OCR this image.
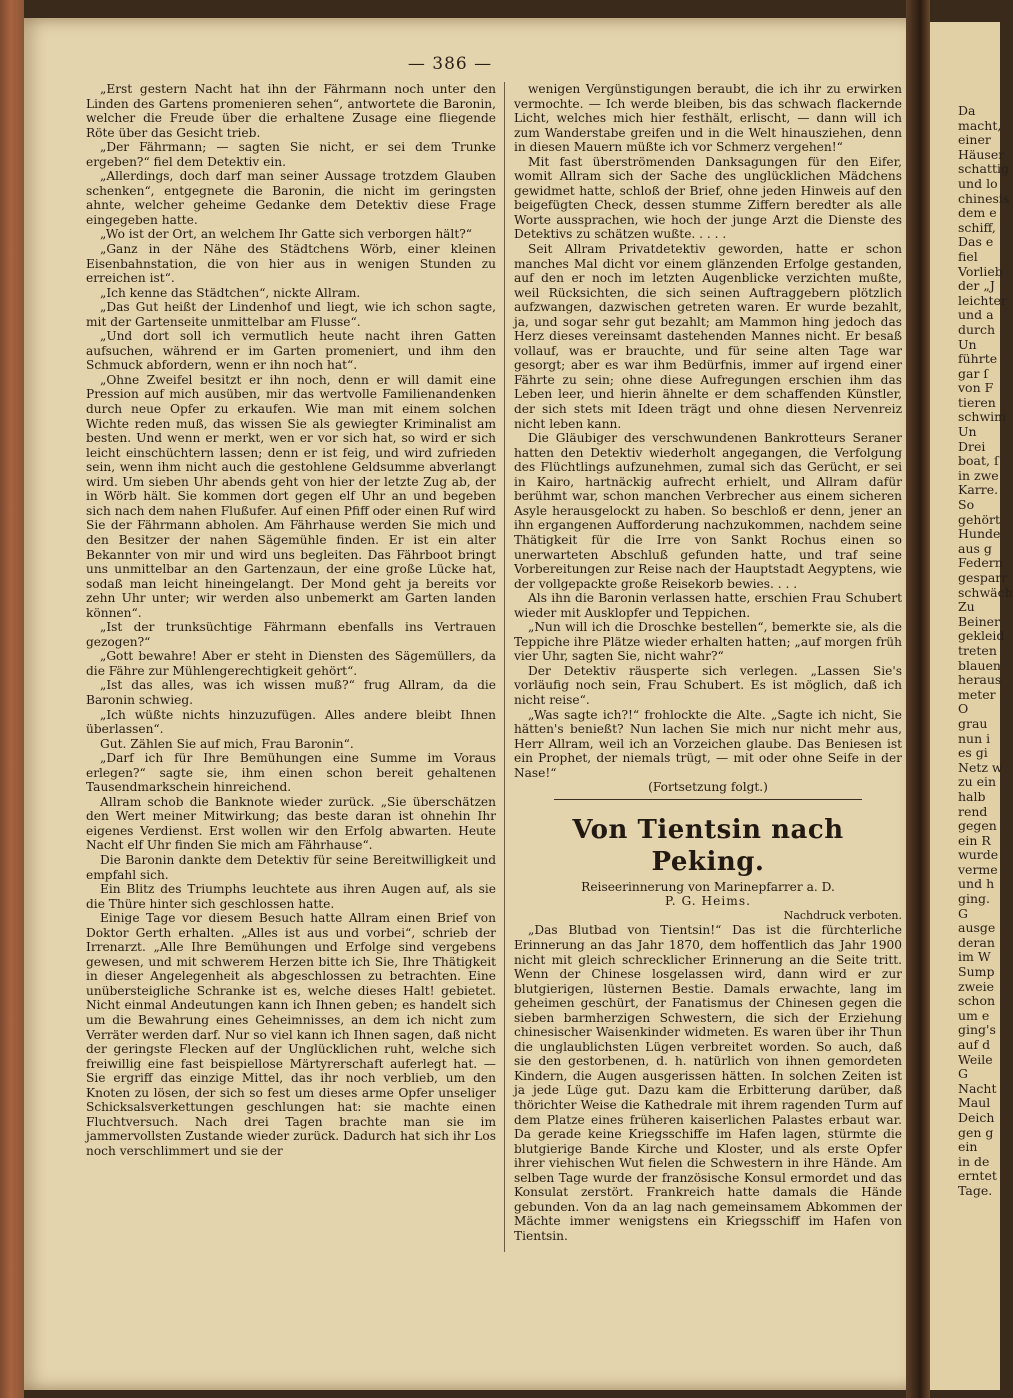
Da
macht,
einer
Häuser
schattig
und lo
chinesis
dem e
schiff,
Das e
fiel
Vorlieb
der „J
leichter
und a
durch
Un
führte
gar ſ
von F
tieren
schwim
Un
Drei
boat, ſ
in zwe
Karre.
So
gehört
Hunde
aus g
Federn
gesparr
schwäch
Zu
Beiner
gekleid
treten
blauen
heraus
meter
O
grau
nun i
es gi
Netz w
zu ein
halb
rend
gegen
ein R
wurde
verme
und h
ging.
G
ausge
deran
im W
Sump
zweie
schon
um e
ging's
auf d
Weile
G
Nacht
Maul
Deich
gen g
ein
in de
erntet
Tage.
— 386 —

„Erst gestern Nacht hat ihn der Fährmann noch unter den Linden des Gartens promenieren sehen“, antwortete die Baronin, welcher die Freude über die erhaltene Zusage eine fliegende Röte über das Gesicht trieb.

„Der Fährmann; — sagten Sie nicht, er sei dem Trunke ergeben?“ fiel dem Detektiv ein.

„Allerdings, doch darf man seiner Aussage trotzdem Glauben schenken“, entgegnete die Baronin, die nicht im geringsten ahnte, welcher geheime Gedanke dem Detektiv diese Frage eingegeben hatte.

„Wo ist der Ort, an welchem Ihr Gatte sich verborgen hält?“

„Ganz in der Nähe des Städtchens Wörb, einer kleinen Eisenbahnstation, die von hier aus in wenigen Stunden zu erreichen ist“.

„Ich kenne das Städtchen“, nickte Allram.

„Das Gut heißt der Lindenhof und liegt, wie ich schon sagte, mit der Gartenseite unmittelbar am Flusse“.

„Und dort soll ich vermutlich heute nacht ihren Gatten aufsuchen, während er im Garten promeniert, und ihm den Schmuck abfordern, wenn er ihn noch hat“.

„Ohne Zweifel besitzt er ihn noch, denn er will damit eine Pression auf mich ausüben, mir das wertvolle Familienandenken durch neue Opfer zu erkaufen. Wie man mit einem solchen Wichte reden muß, das wissen Sie als gewiegter Kriminalist am besten. Und wenn er merkt, wen er vor sich hat, so wird er sich leicht einschüchtern lassen; denn er ist feig, und wird zufrieden sein, wenn ihm nicht auch die gestohlene Geldsumme abverlangt wird. Um sieben Uhr abends geht von hier der letzte Zug ab, der in Wörb hält. Sie kommen dort gegen elf Uhr an und begeben sich nach dem nahen Flußufer. Auf einen Pfiff oder einen Ruf wird Sie der Fährmann abholen. Am Fährhause werden Sie mich und den Besitzer der nahen Sägemühle finden. Er ist ein alter Bekannter von mir und wird uns begleiten. Das Fährboot bringt uns unmittelbar an den Gartenzaun, der eine große Lücke hat, sodaß man leicht hineingelangt. Der Mond geht ja bereits vor zehn Uhr unter; wir werden also unbemerkt am Garten landen können“.

„Ist der trunksüchtige Fährmann ebenfalls ins Vertrauen gezogen?“

„Gott bewahre! Aber er steht in Diensten des Sägemüllers, da die Fähre zur Mühlengerechtigkeit gehört“.

„Ist das alles, was ich wissen muß?“ frug Allram, da die Baronin schwieg.

„Ich wüßte nichts hinzuzufügen. Alles andere bleibt Ihnen überlassen“.

Gut. Zählen Sie auf mich, Frau Baronin“.

„Darf ich für Ihre Bemühungen eine Summe im Voraus erlegen?“ sagte sie, ihm einen schon bereit gehaltenen Tausendmarkschein hinreichend.

Allram schob die Banknote wieder zurück. „Sie überschätzen den Wert meiner Mitwirkung; das beste daran ist ohnehin Ihr eigenes Verdienst. Erst wollen wir den Erfolg abwarten. Heute Nacht elf Uhr finden Sie mich am Fährhause“.

Die Baronin dankte dem Detektiv für seine Bereitwilligkeit und empfahl sich.

Ein Blitz des Triumphs leuchtete aus ihren Augen auf, als sie die Thüre hinter sich geschlossen hatte.

Einige Tage vor diesem Besuch hatte Allram einen Brief von Doktor Gerth erhalten. „Alles ist aus und vorbei“, schrieb der Irrenarzt. „Alle Ihre Bemühungen und Erfolge sind vergebens gewesen, und mit schwerem Herzen bitte ich Sie, Ihre Thätigkeit in dieser Angelegenheit als abgeschlossen zu betrachten. Eine unübersteigliche Schranke ist es, welche dieses Halt! gebietet. Nicht einmal Andeutungen kann ich Ihnen geben; es handelt sich um die Bewahrung eines Geheimnisses, an dem ich nicht zum Verräter werden darf. Nur so viel kann ich Ihnen sagen, daß nicht der geringste Flecken auf der Unglücklichen ruht, welche sich freiwillig eine fast beispiellose Märtyrerschaft auferlegt hat. — Sie ergriff das einzige Mittel, das ihr noch verblieb, um den Knoten zu lösen, der sich so fest um dieses arme Opfer unseliger Schicksalsverkettungen geschlungen hat: sie machte einen Fluchtversuch. Nach drei Tagen brachte man sie im jammervollsten Zustande wieder zurück. Dadurch hat sich ihr Los noch verschlimmert und sie der

wenigen Vergünstigungen beraubt, die ich ihr zu erwirken vermochte. — Ich werde bleiben, bis das schwach flackernde Licht, welches mich hier festhält, erlischt, — dann will ich zum Wanderstabe greifen und in die Welt hinausziehen, denn in diesen Mauern müßte ich vor Schmerz vergehen!“

Mit fast überströmenden Danksagungen für den Eifer, womit Allram sich der Sache des unglücklichen Mädchens gewidmet hatte, schloß der Brief, ohne jeden Hinweis auf den beigefügten Check, dessen stumme Ziffern beredter als alle Worte aussprachen, wie hoch der junge Arzt die Dienste des Detektivs zu schätzen wußte. . . . .

Seit Allram Privatdetektiv geworden, hatte er schon manches Mal dicht vor einem glänzenden Erfolge gestanden, auf den er noch im letzten Augenblicke verzichten mußte, weil Rücksichten, die sich seinen Auftraggebern plötzlich aufzwangen, dazwischen getreten waren. Er wurde bezahlt, ja, und sogar sehr gut bezahlt; am Mammon hing jedoch das Herz dieses vereinsamt dastehenden Mannes nicht. Er besaß vollauf, was er brauchte, und für seine alten Tage war gesorgt; aber es war ihm Bedürfnis, immer auf irgend einer Fährte zu sein; ohne diese Aufregungen erschien ihm das Leben leer, und hierin ähnelte er dem schaffenden Künstler, der sich stets mit Ideen trägt und ohne diesen Nervenreiz nicht leben kann.

Die Gläubiger des verschwundenen Bankrotteurs Seraner hatten den Detektiv wiederholt angegangen, die Verfolgung des Flüchtlings aufzunehmen, zumal sich das Gerücht, er sei in Kairo, hartnäckig aufrecht erhielt, und Allram dafür berühmt war, schon manchen Verbrecher aus einem sicheren Asyle herausgelockt zu haben. So beschloß er denn, jener an ihn ergangenen Aufforderung nachzukommen, nachdem seine Thätigkeit für die Irre von Sankt Rochus einen so unerwarteten Abschluß gefunden hatte, und traf seine Vorbereitungen zur Reise nach der Hauptstadt Aegyptens, wie der vollgepackte große Reisekorb bewies. . . .

Als ihn die Baronin verlassen hatte, erschien Frau Schubert wieder mit Ausklopfer und Teppichen.

„Nun will ich die Droschke bestellen“, bemerkte sie, als die Teppiche ihre Plätze wieder erhalten hatten; „auf morgen früh vier Uhr, sagten Sie, nicht wahr?“

Der Detektiv räusperte sich verlegen. „Lassen Sie's vorläufig noch sein, Frau Schubert. Es ist möglich, daß ich nicht reise“.

„Was sagte ich?!“ frohlockte die Alte. „Sagte ich nicht, Sie hätten's benießt? Nun lachen Sie mich nur nicht mehr aus, Herr Allram, weil ich an Vorzeichen glaube. Das Beniesen ist ein Prophet, der niemals trügt, — mit oder ohne Seife in der Nase!“

(Fortsetzung folgt.)

Von Tientsin nach Peking.

Reiseerinnerung von Marinepfarrer a. D.

P. G. Heims.

Nachdruck verboten.

„Das Blutbad von Tientsin!“ Das ist die fürchterliche Erinnerung an das Jahr 1870, dem hoffentlich das Jahr 1900 nicht mit gleich schrecklicher Erinnerung an die Seite tritt. Wenn der Chinese losgelassen wird, dann wird er zur blutgierigen, lüsternen Bestie. Damals erwachte, lang im geheimen geschürt, der Fanatismus der Chinesen gegen die sieben barmherzigen Schwestern, die sich der Erziehung chinesischer Waisenkinder widmeten. Es waren über ihr Thun die unglaublichsten Lügen verbreitet worden. So auch, daß sie den gestorbenen, d. h. natürlich von ihnen gemordeten Kindern, die Augen ausgerissen hätten. In solchen Zeiten ist ja jede Lüge gut. Dazu kam die Erbitterung darüber, daß thörichter Weise die Kathedrale mit ihrem ragenden Turm auf dem Platze eines früheren kaiserlichen Palastes erbaut war. Da gerade keine Kriegsschiffe im Hafen lagen, stürmte die blutgierige Bande Kirche und Kloster, und als erste Opfer ihrer viehischen Wut fielen die Schwestern in ihre Hände. Am selben Tage wurde der französische Konsul ermordet und das Konsulat zerstört. Frankreich hatte damals die Hände gebunden. Von da an lag nach gemeinsamem Abkommen der Mächte immer wenigstens ein Kriegsschiff im Hafen von Tientsin.
